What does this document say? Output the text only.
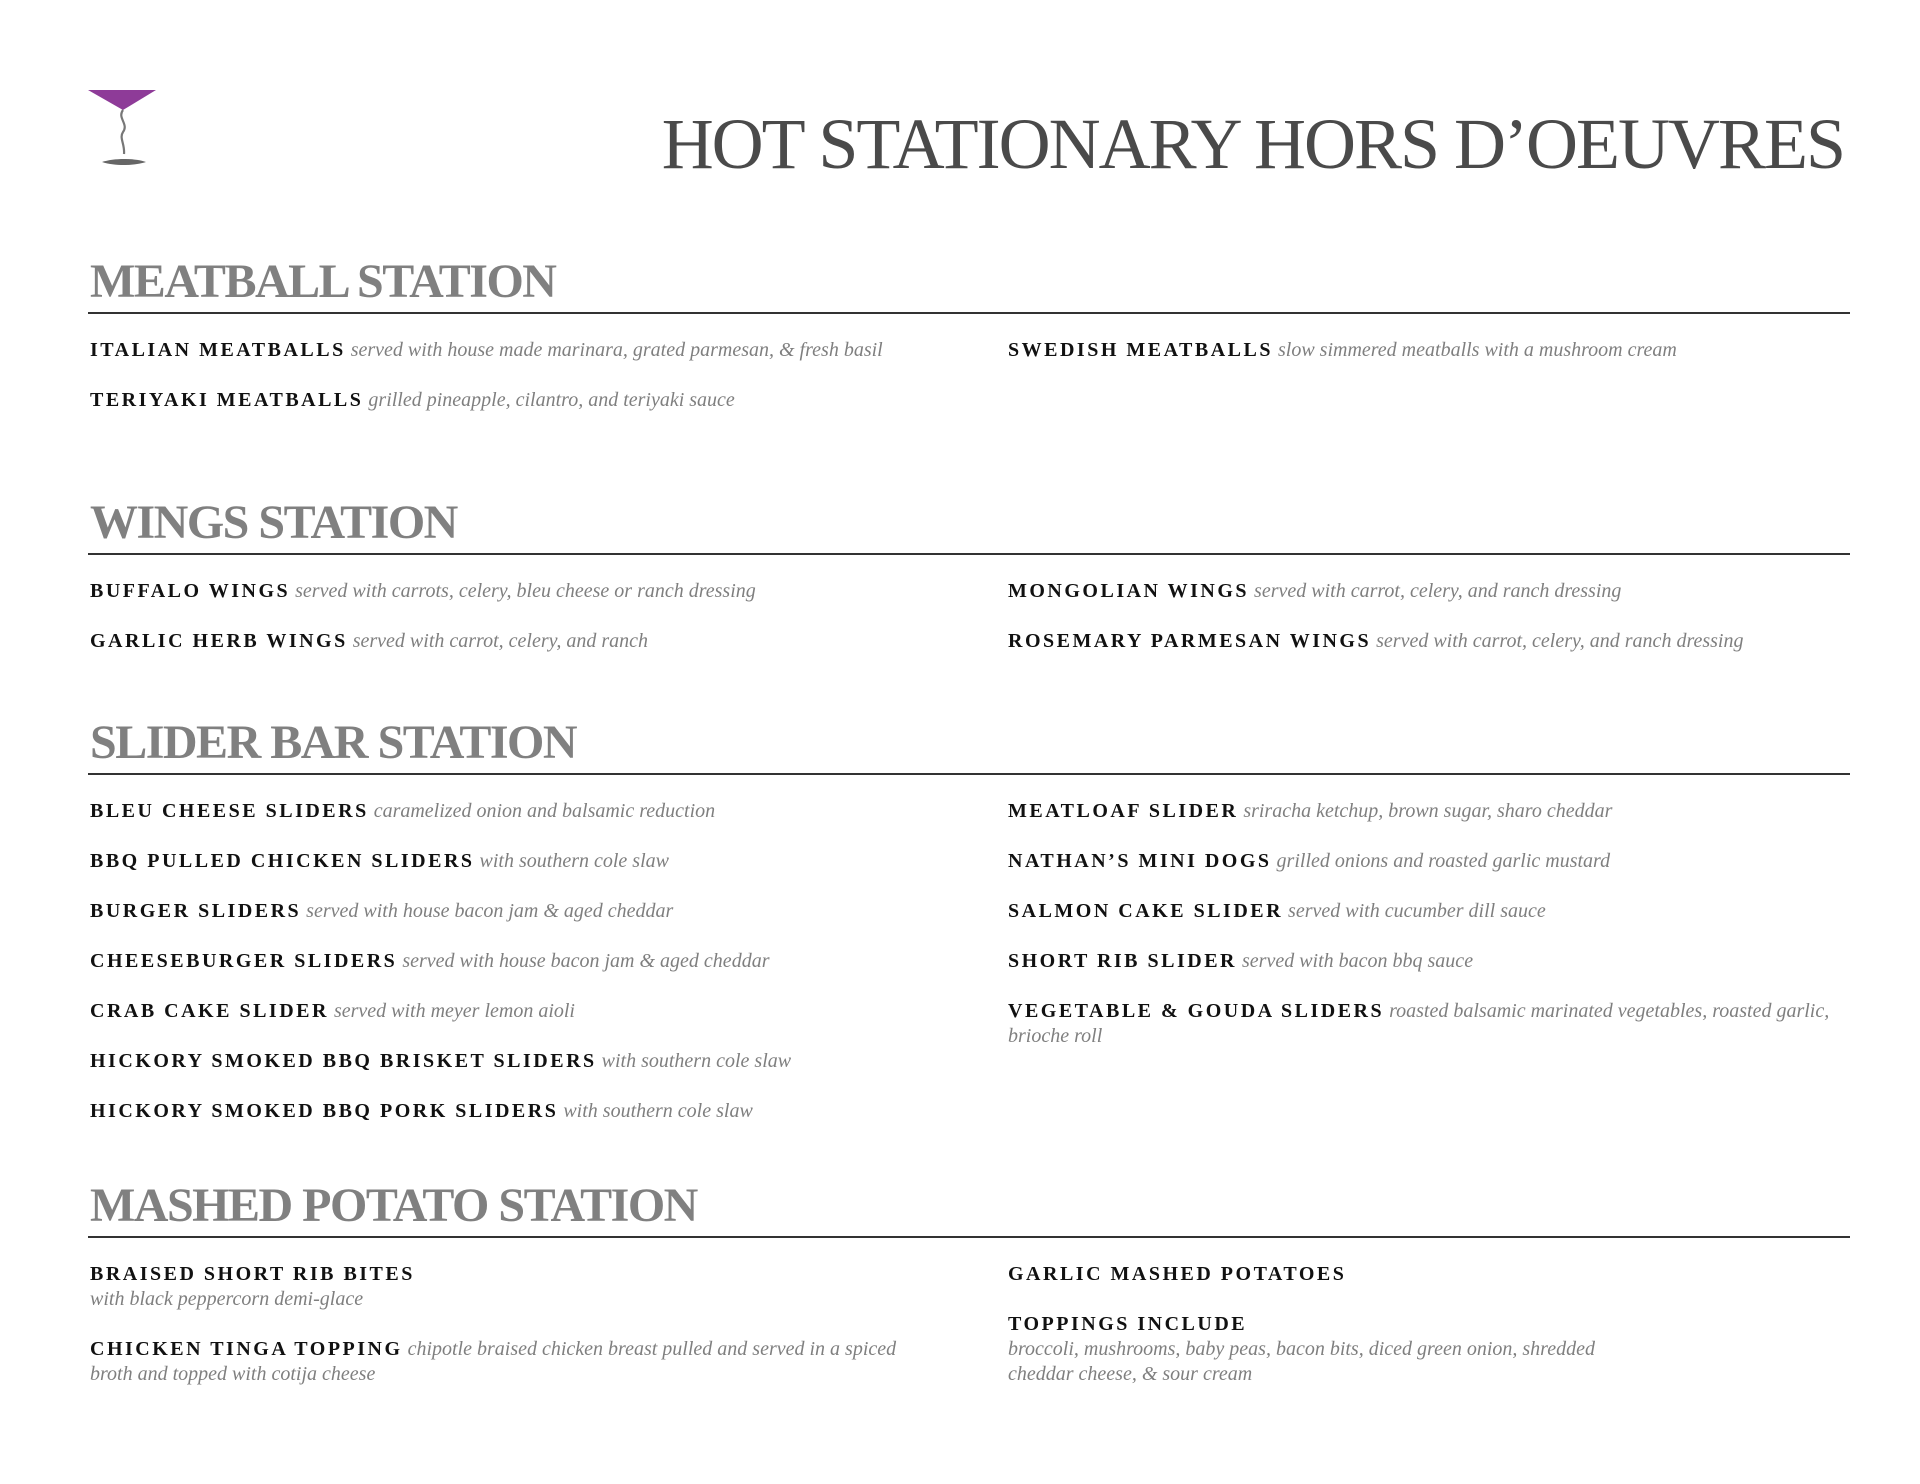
HOT STATIONARY HORS D’OEUVRES
MEATBALL STATION
ITALIAN MEATBALLS served with house made marinara, grated parmesan, & fresh basil
TERIYAKI MEATBALLS grilled pineapple, cilantro, and teriyaki sauce
SWEDISH MEATBALLS slow simmered meatballs with a mushroom cream
WINGS STATION
BUFFALO WINGS served with carrots, celery, bleu cheese or ranch dressing
GARLIC HERB WINGS served with carrot, celery, and ranch
MONGOLIAN WINGS served with carrot, celery, and ranch dressing
ROSEMARY PARMESAN WINGS served with carrot, celery, and ranch dressing
SLIDER BAR STATION
BLEU CHEESE SLIDERS caramelized onion and balsamic reduction
BBQ PULLED CHICKEN SLIDERS with southern cole slaw
BURGER SLIDERS served with house bacon jam & aged cheddar
CHEESEBURGER SLIDERS served with house bacon jam & aged cheddar
CRAB CAKE SLIDER served with meyer lemon aioli
HICKORY SMOKED BBQ BRISKET SLIDERS with southern cole slaw
HICKORY SMOKED BBQ PORK SLIDERS with southern cole slaw
MEATLOAF SLIDER sriracha ketchup, brown sugar, sharo cheddar
NATHAN’S MINI DOGS grilled onions and roasted garlic mustard
SALMON CAKE SLIDER served with cucumber dill sauce
SHORT RIB SLIDER served with bacon bbq sauce
VEGETABLE & GOUDA SLIDERS roasted balsamic marinated vegetables, roasted garlic, brioche roll
MASHED POTATO STATION
BRAISED SHORT RIB BITES
with black peppercorn demi-glace
CHICKEN TINGA TOPPING chipotle braised chicken breast pulled and served in a spiced broth and topped with cotija cheese
GARLIC MASHED POTATOES
TOPPINGS INCLUDE
broccoli, mushrooms, baby peas, bacon bits, diced green onion, shredded cheddar cheese, & sour cream
